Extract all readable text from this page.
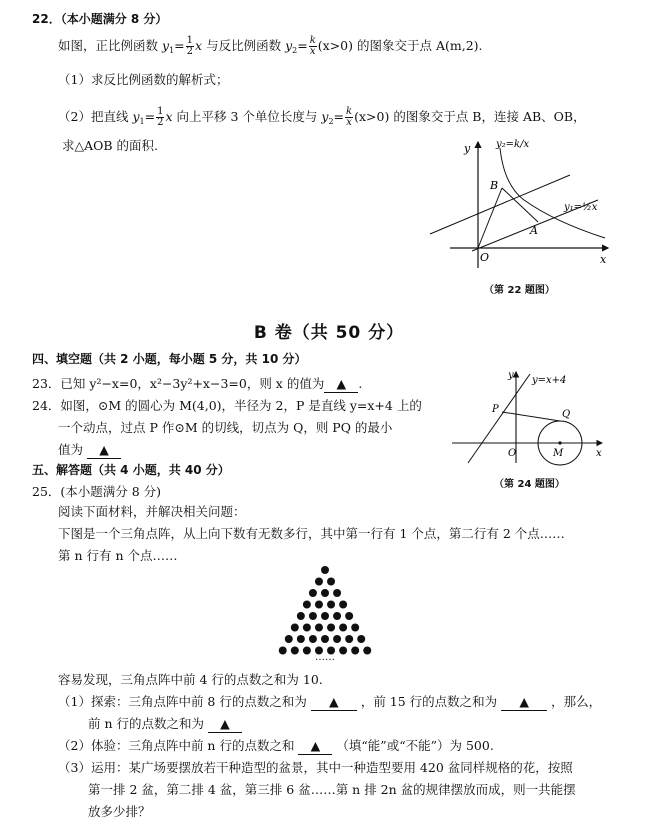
22．（本小题满分 8 分）
如图，正比例函数 $y_1= \frac{1}{2}$ x 与反比例函数 $y_2= \frac{k}{x} (x>0)$ 的图象交于点 A(m,2).
（1）求反比例函数的解析式；
（2）把直线 $y_1= \frac{1}{2}$ x 向上平移 3 个单位长度与 $y_2= \frac{k}{x} (x>0)$ 的图象交于点 B，连接 AB、OB，
求△AOB 的面积.	y
x
O
B
A
y₂=k/x
y₁=½x
（第 22 题图）
B 卷（共 50 分）
四、填空题（共 2 小题，每小题 5 分，共 10 分）
23．已知 y²−x=0，x²−3y²+x−3=0，则 x 的值为 ▲ .
24．如图，⊙M 的圆心为 M(4,0)，半径为 2，P 是直线 y=x+4 上的
一个动点，过点 P 作⊙M 的切线，切点为 Q，则 PQ 的最小
值为 ▲
y
x
O
y=x+4
P	Q
M
（第 24 题图）
五、解答题（共 4 小题，共 40 分）
25．(本小题满分 8 分)
阅读下面材料，并解决相关问题：
下图是一个三角点阵，从上向下数有无数多行，其中第一行有 1 个点，第二行有 2 个点……
第 n 行有 n 个点……
……
容易发现，三角点阵中前 4 行的点数之和为 10.
（1）探索：三角点阵中前 8 行的点数之和为 ▲ ，前 15 行的点数之和为 ▲ ，那么，
前 n 行的点数之和为 ▲
（2）体验：三角点阵中前 n 行的点数之和 ▲ （填“能”或“不能”）为 500.
（3）运用：某广场要摆放若干种造型的盆景，其中一种造型要用 420 盆同样规格的花，按照
第一排 2 盆，第二排 4 盆，第三排 6 盆……第 n 排 2n 盆的规律摆放而成，则一共能摆
放多少排？
